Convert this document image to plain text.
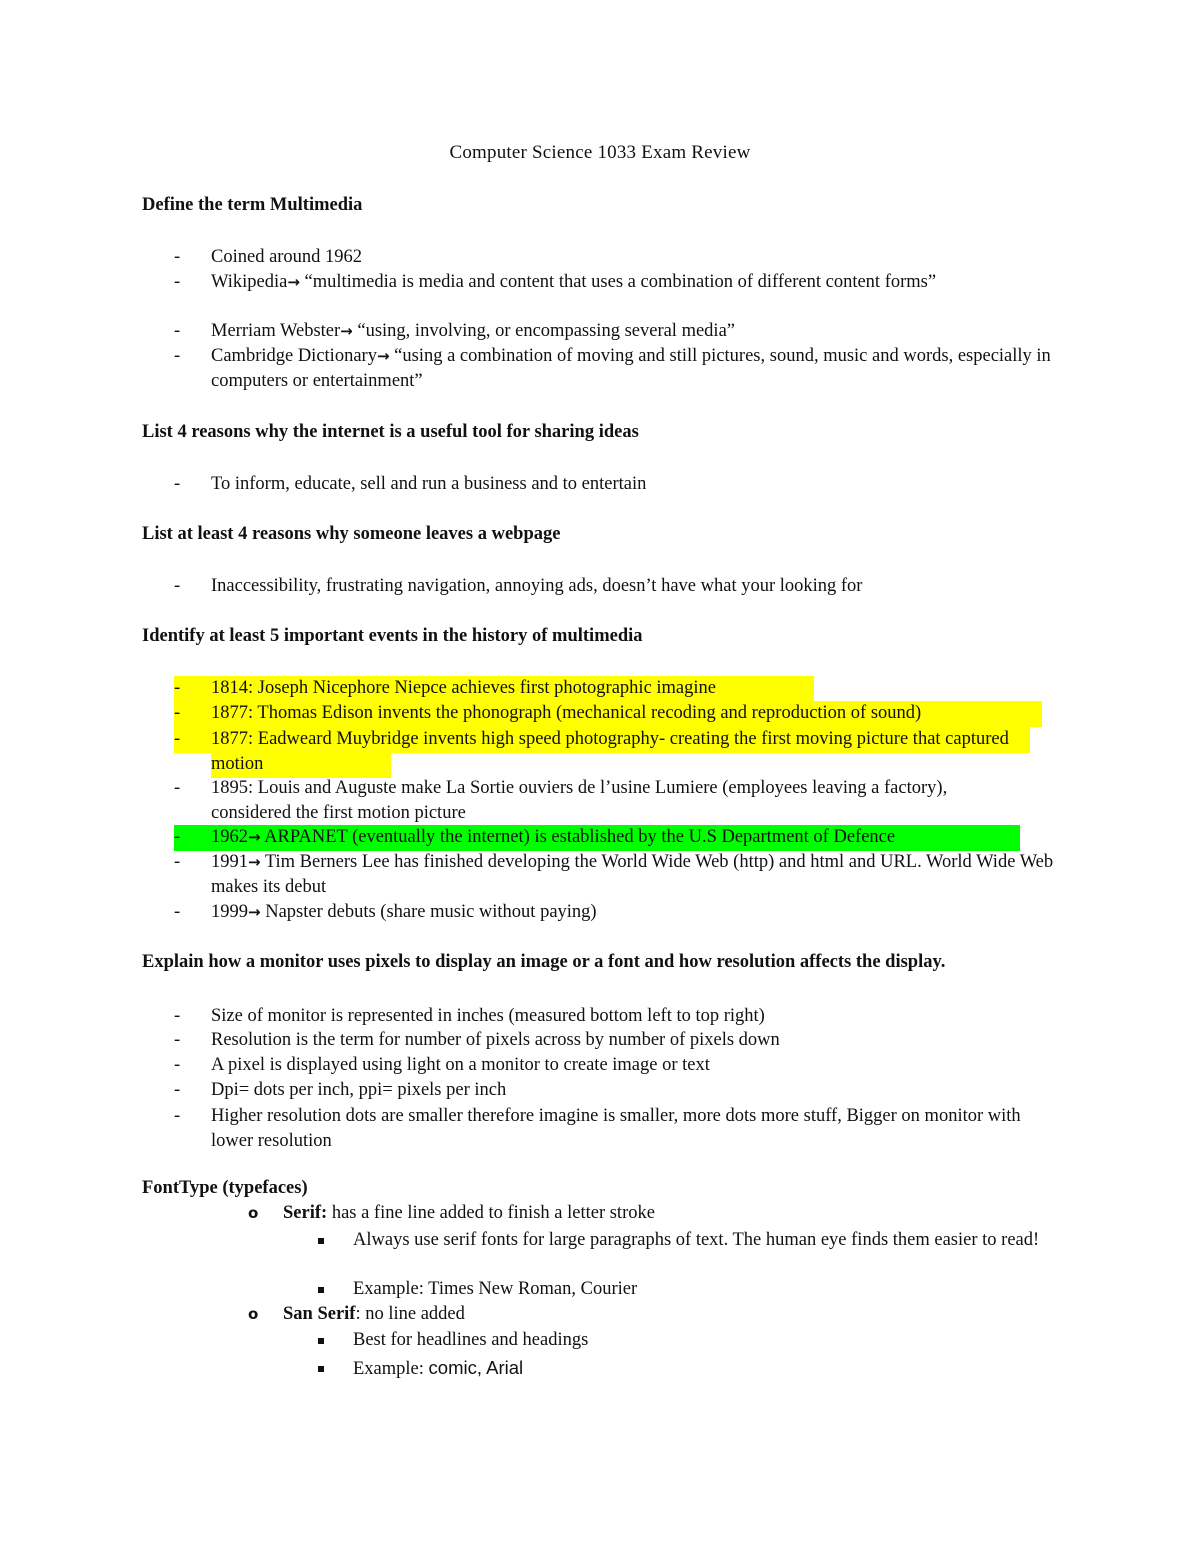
Computer Science 1033 Exam Review
Define the term Multimedia
- Coined around 1962
- Wikipedia→ “multimedia is media and content that uses a combination of different content forms”
- Merriam Webster→ “using, involving, or encompassing several media”
- Cambridge Dictionary→ “using a combination of moving and still pictures, sound, music and words, especially in computers or entertainment”
List 4 reasons why the internet is a useful tool for sharing ideas
- To inform, educate, sell and run a business and to entertain
List at least 4 reasons why someone leaves a webpage
- Inaccessibility, frustrating navigation, annoying ads, doesn’t have what your looking for
Identify at least 5 important events in the history of multimedia
- 1814: Joseph Nicephore Niepce achieves first photographic imagine
- 1877: Thomas Edison invents the phonograph (mechanical recoding and reproduction of sound)
- 1877: Eadweard Muybridge invents high speed photography- creating the first moving picture that captured motion
- 1895: Louis and Auguste make La Sortie ouviers de l’usine Lumiere (employees leaving a factory), considered the first motion picture
- 1962→ ARPANET (eventually the internet) is established by the U.S Department of Defence
- 1991→ Tim Berners Lee has finished developing the World Wide Web (http) and html and URL. World Wide Web makes its debut
- 1999→ Napster debuts (share music without paying)
Explain how a monitor uses pixels to display an image or a font and how resolution affects the display.
- Size of monitor is represented in inches (measured bottom left to top right)
- Resolution is the term for number of pixels across by number of pixels down
- A pixel is displayed using light on a monitor to create image or text
- Dpi= dots per inch, ppi= pixels per inch
- Higher resolution dots are smaller therefore imagine is smaller, more dots more stuff, Bigger on monitor with lower resolution
FontType (typefaces)
o Serif: has a fine line added to finish a letter stroke
Always use serif fonts for large paragraphs of text. The human eye finds them easier to read!
Example: Times New Roman, Courier
o San Serif: no line added
Best for headlines and headings
Example: comic, Arial
